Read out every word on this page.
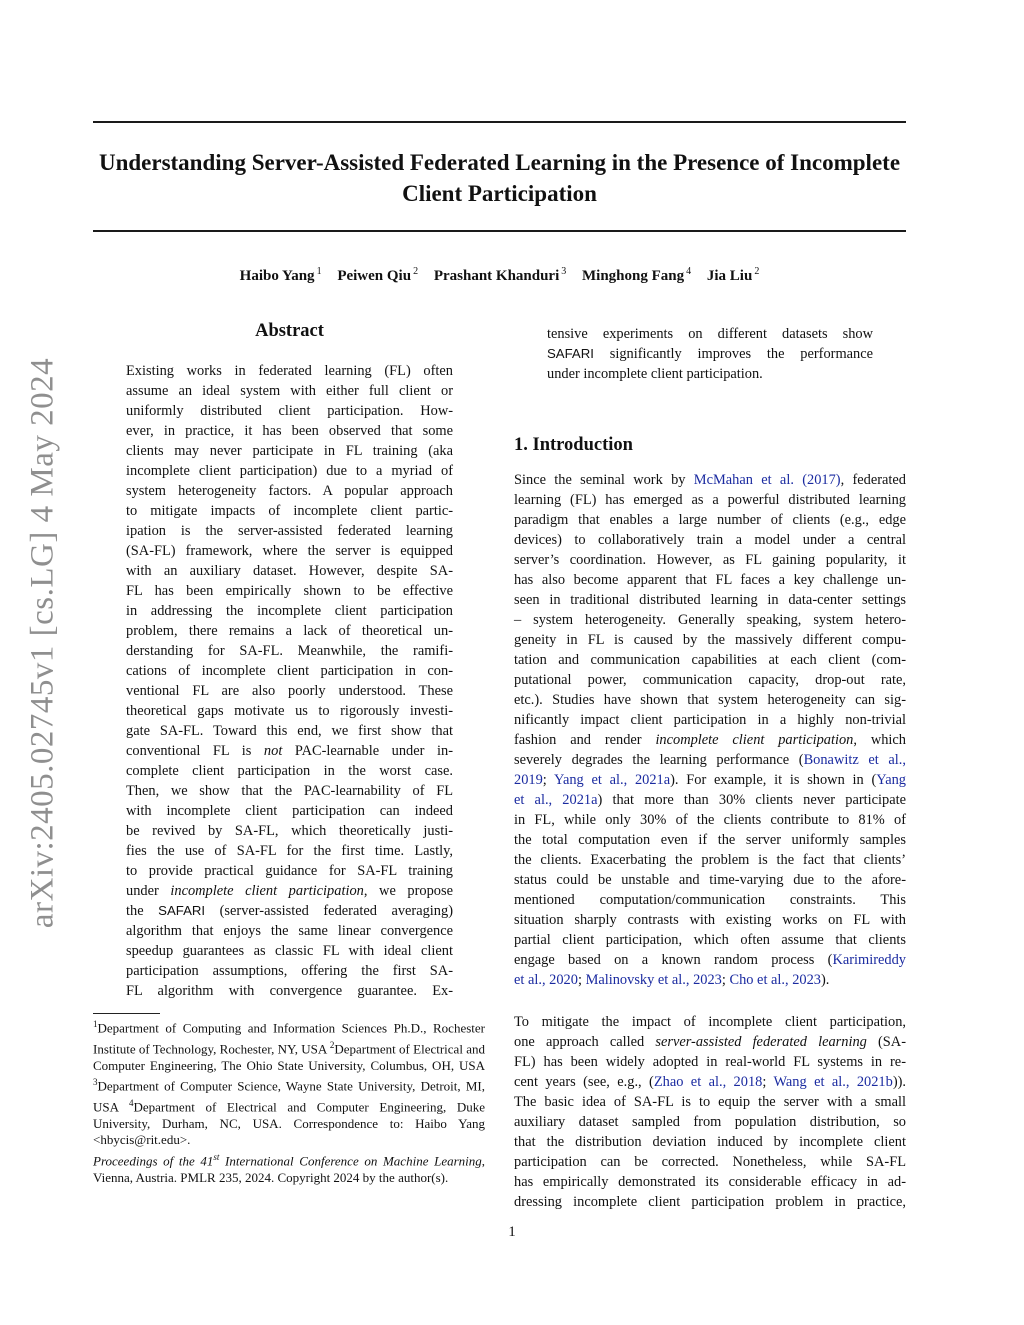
Understanding Server-Assisted Federated Learning in the Presence of Incomplete Client Participation
Haibo Yang $^1$ Peiwen Qiu $^2$ Prashant Khanduri $^3$ Minghong Fang $^4$ Jia Liu $^2$
arXiv:2405.02745v1 [cs.LG] 4 May 2024
Abstract
Existing works in federated learning (FL) often
assume an ideal system with either full client or
uniformly distributed client participation. How-
ever, in practice, it has been observed that some
clients may never participate in FL training (aka
incomplete client participation) due to a myriad of
system heterogeneity factors. A popular approach
to mitigate impacts of incomplete client partic-
ipation is the server-assisted federated learning
(SA-FL) framework, where the server is equipped
with an auxiliary dataset. However, despite SA-
FL has been empirically shown to be effective
in addressing the incomplete client participation
problem, there remains a lack of theoretical un-
derstanding for SA-FL. Meanwhile, the ramifi-
cations of incomplete client participation in con-
ventional FL are also poorly understood. These
theoretical gaps motivate us to rigorously investi-
gate SA-FL. Toward this end, we first show that
conventional FL is not PAC-learnable under in-
complete client participation in the worst case.
Then, we show that the PAC-learnability of FL
with incomplete client participation can indeed
be revived by SA-FL, which theoretically justi-
fies the use of SA-FL for the first time. Lastly,
to provide practical guidance for SA-FL training
under incomplete client participation, we propose
the SAFARI (server-assisted federated averaging)
algorithm that enjoys the same linear convergence
speedup guarantees as classic FL with ideal client
participation assumptions, offering the first SA-
FL algorithm with convergence guarantee. Ex-
tensive experiments on different datasets show
SAFARI significantly improves the performance
under incomplete client participation.
$^1$Department of Computing and Information Sciences Ph.D., Rochester Institute of Technology, Rochester, NY, USA $^2$Department of Electrical and Computer Engineering, The Ohio State University, Columbus, OH, USA $^3$Department of Computer Science, Wayne State University, Detroit, MI, USA $^4$Department of Electrical and Computer Engineering, Duke University, Durham, NC, USA. Correspondence to: Haibo Yang <hbycis@rit.edu>.
Proceedings of the 41st International Conference on Machine Learning, Vienna, Austria. PMLR 235, 2024. Copyright 2024 by the author(s).
1. Introduction
Since the seminal work by McMahan et al. (2017), federated
learning (FL) has emerged as a powerful distributed learning
paradigm that enables a large number of clients (e.g., edge
devices) to collaboratively train a model under a central
server’s coordination. However, as FL gaining popularity, it
has also become apparent that FL faces a key challenge un-
seen in traditional distributed learning in data-center settings
– system heterogeneity. Generally speaking, system hetero-
geneity in FL is caused by the massively different compu-
tation and communication capabilities at each client (com-
putational power, communication capacity, drop-out rate,
etc.). Studies have shown that system heterogeneity can sig-
nificantly impact client participation in a highly non-trivial
fashion and render incomplete client participation, which
severely degrades the learning performance (Bonawitz et al.,
2019; Yang et al., 2021a). For example, it is shown in (Yang
et al., 2021a) that more than 30% clients never participate
in FL, while only 30% of the clients contribute to 81% of
the total computation even if the server uniformly samples
the clients. Exacerbating the problem is the fact that clients’
status could be unstable and time-varying due to the afore-
mentioned computation/communication constraints. This
situation sharply contrasts with existing works on FL with
partial client participation, which often assume that clients
engage based on a known random process (Karimireddy
et al., 2020; Malinovsky et al., 2023; Cho et al., 2023).
To mitigate the impact of incomplete client participation,
one approach called server-assisted federated learning (SA-
FL) has been widely adopted in real-world FL systems in re-
cent years (see, e.g., (Zhao et al., 2018; Wang et al., 2021b)).
The basic idea of SA-FL is to equip the server with a small
auxiliary dataset sampled from population distribution, so
that the distribution deviation induced by incomplete client
participation can be corrected. Nonetheless, while SA-FL
has empirically demonstrated its considerable efficacy in ad-
dressing incomplete client participation problem in practice,
1
